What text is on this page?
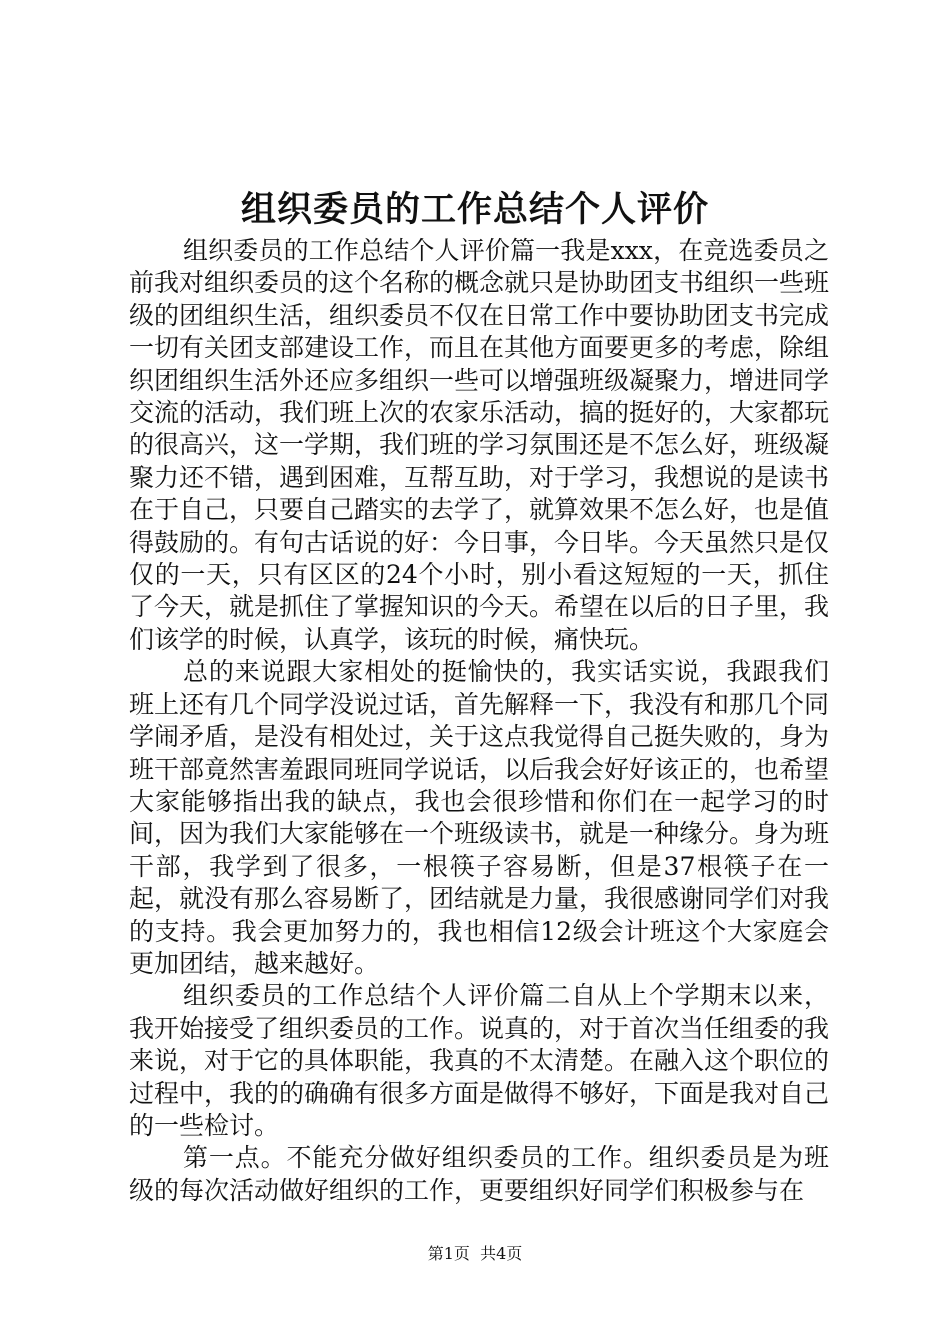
组织委员的工作总结个人评价

组织委员的工作总结个人评价篇一我是xxx，在竞选委员之前我对组织委员的这个名称的概念就只是协助团支书组织一些班级的团组织生活，组织委员不仅在日常工作中要协助团支书完成一切有关团支部建设工作，而且在其他方面要更多的考虑，除组织团组织生活外还应多组织一些可以增强班级凝聚力，增进同学交流的活动，我们班上次的农家乐活动，搞的挺好的，大家都玩的很高兴，这一学期，我们班的学习氛围还是不怎么好，班级凝聚力还不错，遇到困难，互帮互助，对于学习，我想说的是读书在于自己，只要自己踏实的去学了，就算效果不怎么好，也是值得鼓励的。有句古话说的好：今日事，今日毕。今天虽然只是仅仅的一天，只有区区的24个小时，别小看这短短的一天，抓住了今天，就是抓住了掌握知识的今天。希望在以后的日子里，我们该学的时候，认真学，该玩的时候，痛快玩。

总的来说跟大家相处的挺愉快的，我实话实说，我跟我们班上还有几个同学没说过话，首先解释一下，我没有和那几个同学闹矛盾，是没有相处过，关于这点我觉得自己挺失败的，身为班干部竟然害羞跟同班同学说话，以后我会好好该正的，也希望大家能够指出我的缺点，我也会很珍惜和你们在一起学习的时间，因为我们大家能够在一个班级读书，就是一种缘分。身为班干部，我学到了很多，一根筷子容易断，但是37根筷子在一起，就没有那么容易断了，团结就是力量，我很感谢同学们对我的支持。我会更加努力的，我也相信12级会计班这个大家庭会更加团结，越来越好。

组织委员的工作总结个人评价篇二自从上个学期末以来，我开始接受了组织委员的工作。说真的，对于首次当任组委的我来说，对于它的具体职能，我真的不太清楚。在融入这个职位的过程中，我的的确确有很多方面是做得不够好，下面是我对自己的一些检讨。

第一点。不能充分做好组织委员的工作。组织委员是为班级的每次活动做好组织的工作，更要组织好同学们积极参与在

第1页  共4页
